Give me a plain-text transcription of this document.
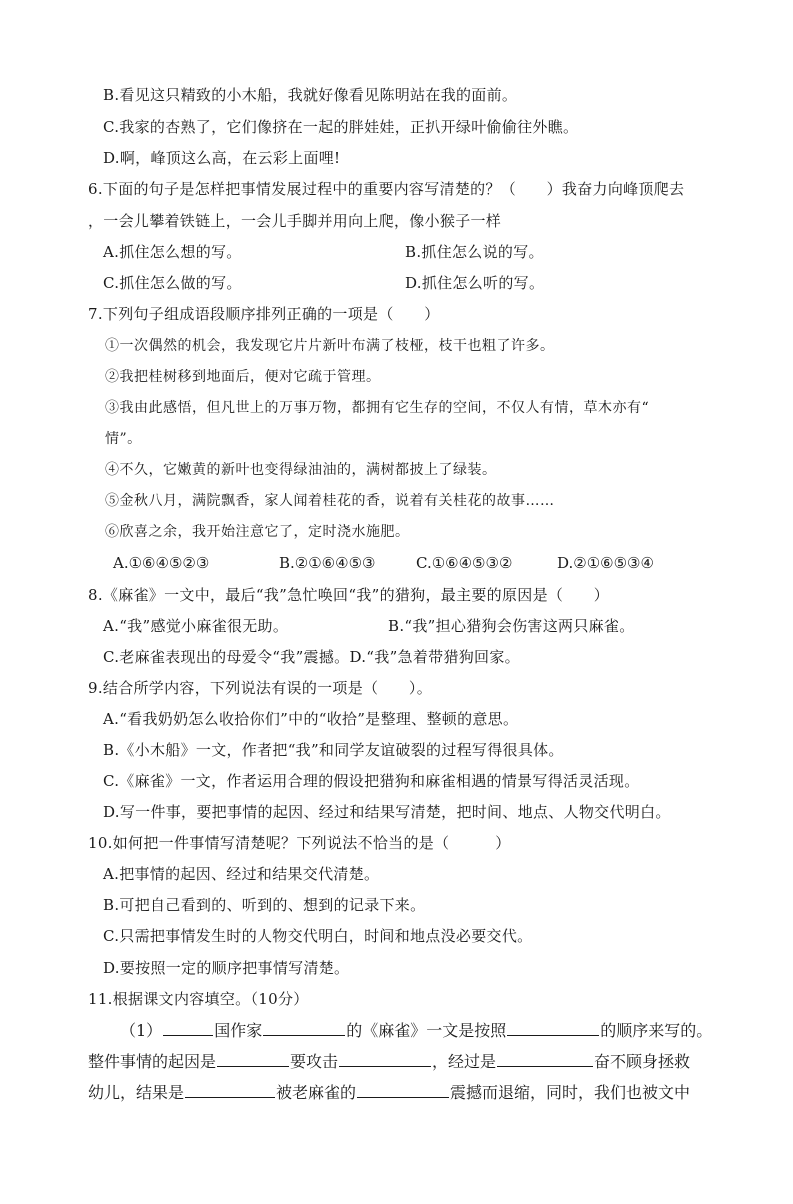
B.看见这只精致的小木船，我就好像看见陈明站在我的面前。
C.我家的杏熟了，它们像挤在一起的胖娃娃，正扒开绿叶偷偷往外瞧。
D.啊，峰顶这么高，在云彩上面哩!
6.下面的句子是怎样把事情发展过程中的重要内容写清楚的？（　　）我奋力向峰顶爬去
，一会儿攀着铁链上，一会儿手脚并用向上爬，像小猴子一样
A.抓住怎么想的写。	B.抓住怎么说的写。
C.抓住怎么做的写。	D.抓住怎么听的写。
7.下列句子组成语段顺序排列正确的一项是（　　）
①一次偶然的机会，我发现它片片新叶布满了枝桠，枝干也粗了许多。
②我把桂树移到地面后，便对它疏于管理。
③我由此感悟，但凡世上的万事万物，都拥有它生存的空间，不仅人有情，草木亦有“
情”。
④不久，它嫩黄的新叶也变得绿油油的，满树都披上了绿装。
⑤金秋八月，满院飘香，家人闻着桂花的香，说着有关桂花的故事……
⑥欣喜之余，我开始注意它了，定时浇水施肥。
A.①⑥④⑤②③	B.②①⑥④⑤③	C.①⑥④⑤③②	D.②①⑥⑤③④
8.《麻雀》一文中，最后“我”急忙唤回“我”的猎狗，最主要的原因是（　　）
A.“我”感觉小麻雀很无助。	B.“我”担心猎狗会伤害这两只麻雀。
C.老麻雀表现出的母爱令“我”震撼。D.“我”急着带猎狗回家。
9.结合所学内容，下列说法有误的一项是（　　）。
A.“看我奶奶怎么收拾你们”中的“收拾”是整理、整顿的意思。
B.《小木船》一文，作者把“我”和同学友谊破裂的过程写得很具体。
C.《麻雀》一文，作者运用合理的假设把猎狗和麻雀相遇的情景写得活灵活现。
D.写一件事，要把事情的起因、经过和结果写清楚，把时间、地点、人物交代明白。
10.如何把一件事情写清楚呢？下列说法不恰当的是（　　　）
A.把事情的起因、经过和结果交代清楚。
B.可把自己看到的、听到的、想到的记录下来。
C.只需把事情发生时的人物交代明白，时间和地点没必要交代。
D.要按照一定的顺序把事情写清楚。
11.根据课文内容填空。（10分）
（1）	国作家	的《麻雀》一文是按照	的顺序来写的。
整件事情的起因是	要攻击	，经过是	奋不顾身拯救
幼儿，结果是	被老麻雀的	震撼而退缩，同时，我们也被文中
